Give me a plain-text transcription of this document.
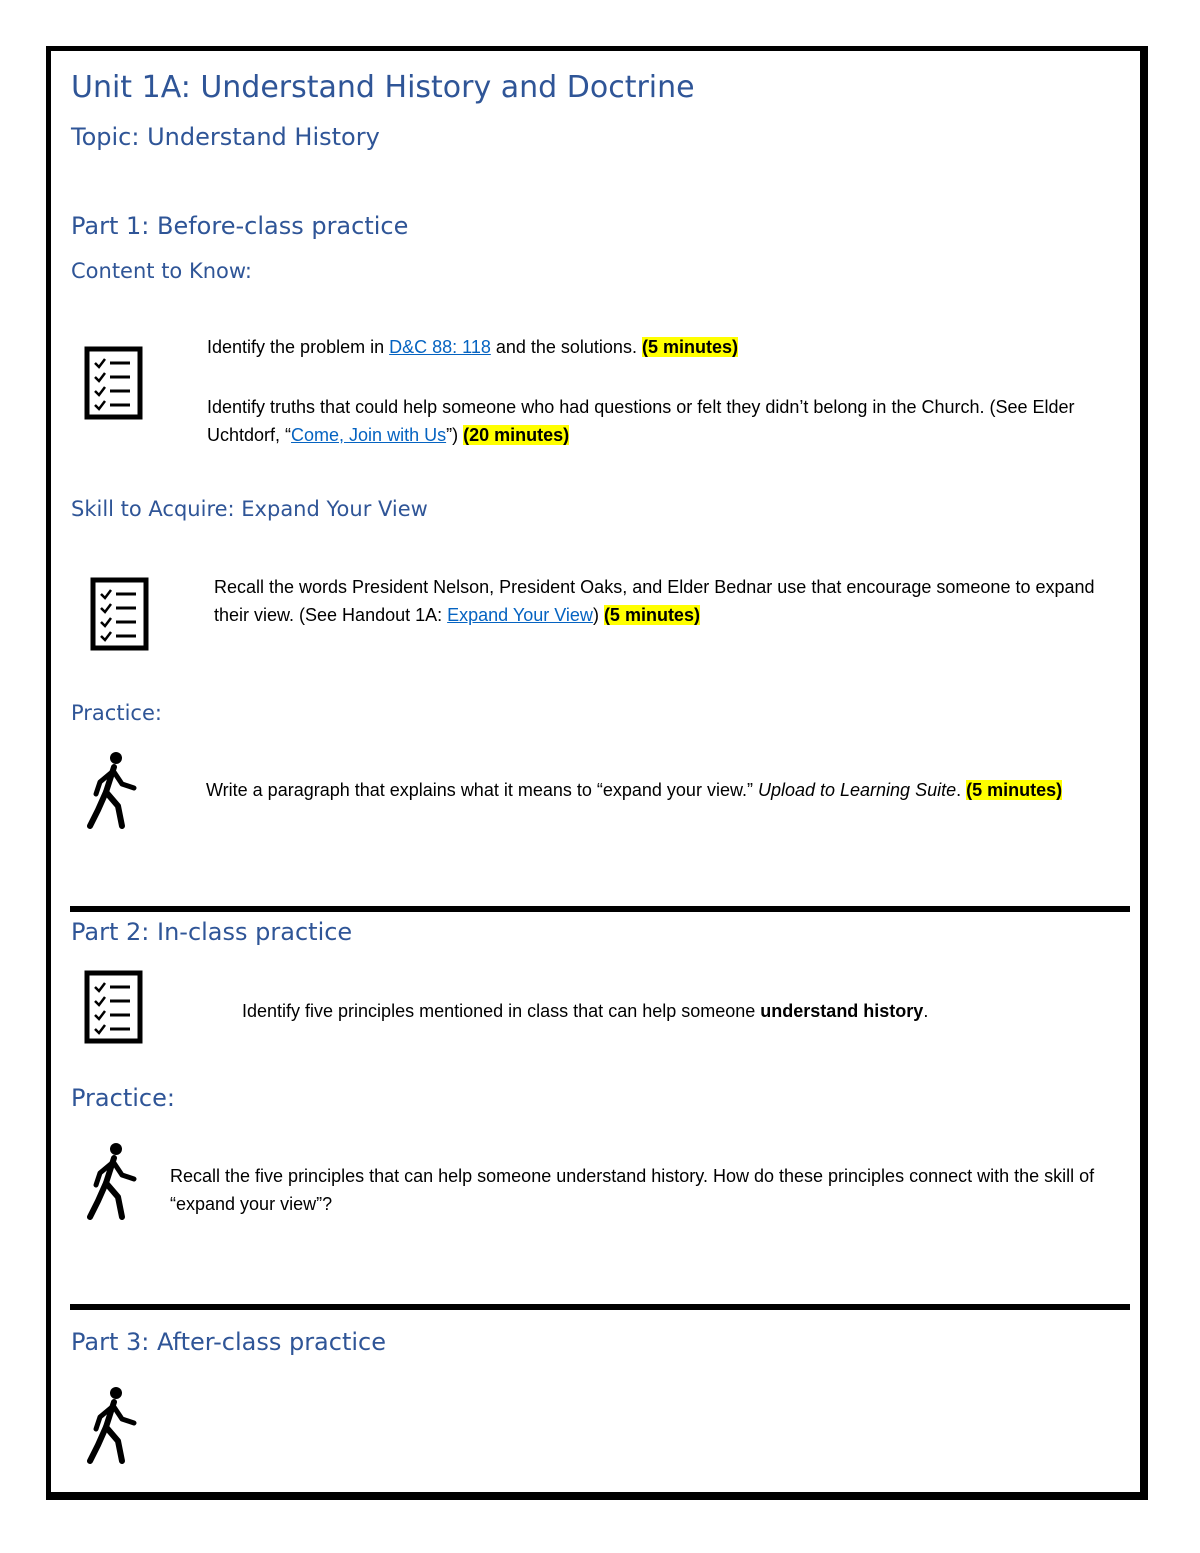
Unit 1A: Understand History and Doctrine
Topic: Understand History
Part 1: Before-class practice
Content to Know:
Identify the problem in D&C 88: 118 and the solutions. (5 minutes)
Identify truths that could help someone who had questions or felt they didn’t belong in the Church. (See Elder Uchtdorf, “Come, Join with Us”) (20 minutes)
Skill to Acquire: Expand Your View
Recall the words President Nelson, President Oaks, and Elder Bednar use that encourage someone to expand their view. (See Handout 1A: Expand Your View) (5 minutes)
Practice:
Write a paragraph that explains what it means to “expand your view.” Upload to Learning Suite. (5 minutes)
Part 2: In-class practice
Identify five principles mentioned in class that can help someone understand history.
Practice:
Recall the five principles that can help someone understand history. How do these principles connect with the skill of “expand your view”?
Part 3: After-class practice
